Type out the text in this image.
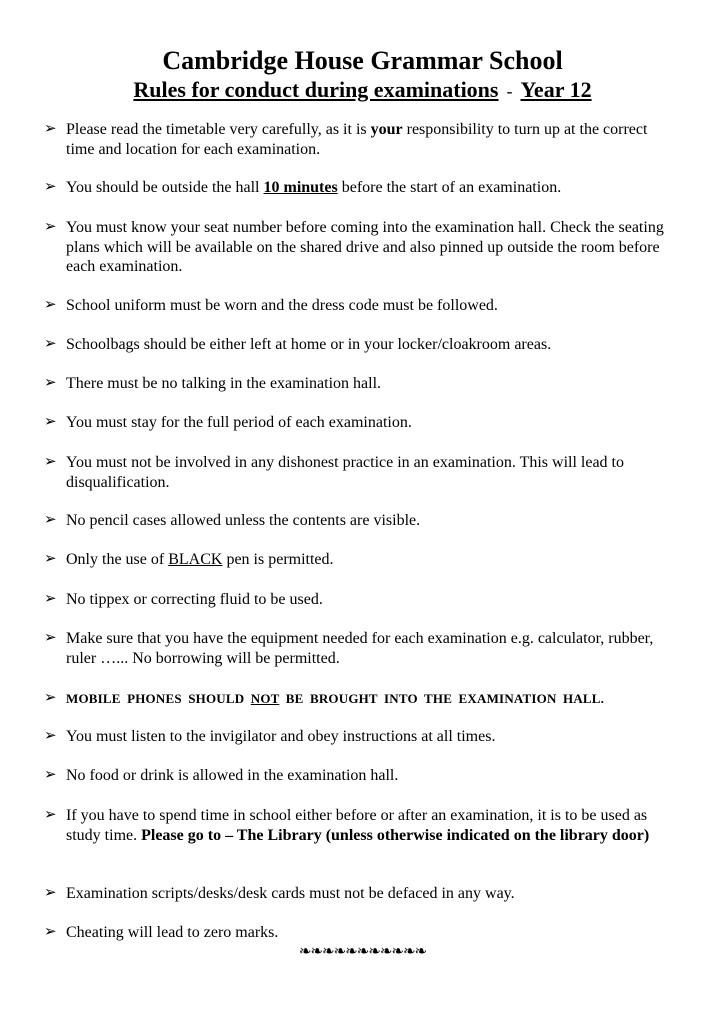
Cambridge House Grammar School
Rules for conduct during examinations - Year 12
➢ Please read the timetable very carefully, as it is your responsibility to turn up at the correct time and location for each examination.
➢ You should be outside the hall 10 minutes before the start of an examination.
➢ You must know your seat number before coming into the examination hall. Check the seating plans which will be available on the shared drive and also pinned up outside the room before each examination.
➢ School uniform must be worn and the dress code must be followed.
➢ Schoolbags should be either left at home or in your locker/cloakroom areas.
➢ There must be no talking in the examination hall.
➢ You must stay for the full period of each examination.
➢ You must not be involved in any dishonest practice in an examination. This will lead to disqualification.
➢ No pencil cases allowed unless the contents are visible.
➢ Only the use of BLACK pen is permitted.
➢ No tippex or correcting fluid to be used.
➢ Make sure that you have the equipment needed for each examination e.g. calculator, rubber, ruler …... No borrowing will be permitted.
➢ MOBILE PHONES SHOULD NOT BE BROUGHT INTO THE EXAMINATION HALL.
➢ You must listen to the invigilator and obey instructions at all times.
➢ No food or drink is allowed in the examination hall.
➢ If you have to spend time in school either before or after an examination, it is to be used as study time. Please go to – The Library (unless otherwise indicated on the library door)
➢ Examination scripts/desks/desk cards must not be defaced in any way.
➢ Cheating will lead to zero marks.
❧❧❧❧❧❧❧❧❧❧❧
